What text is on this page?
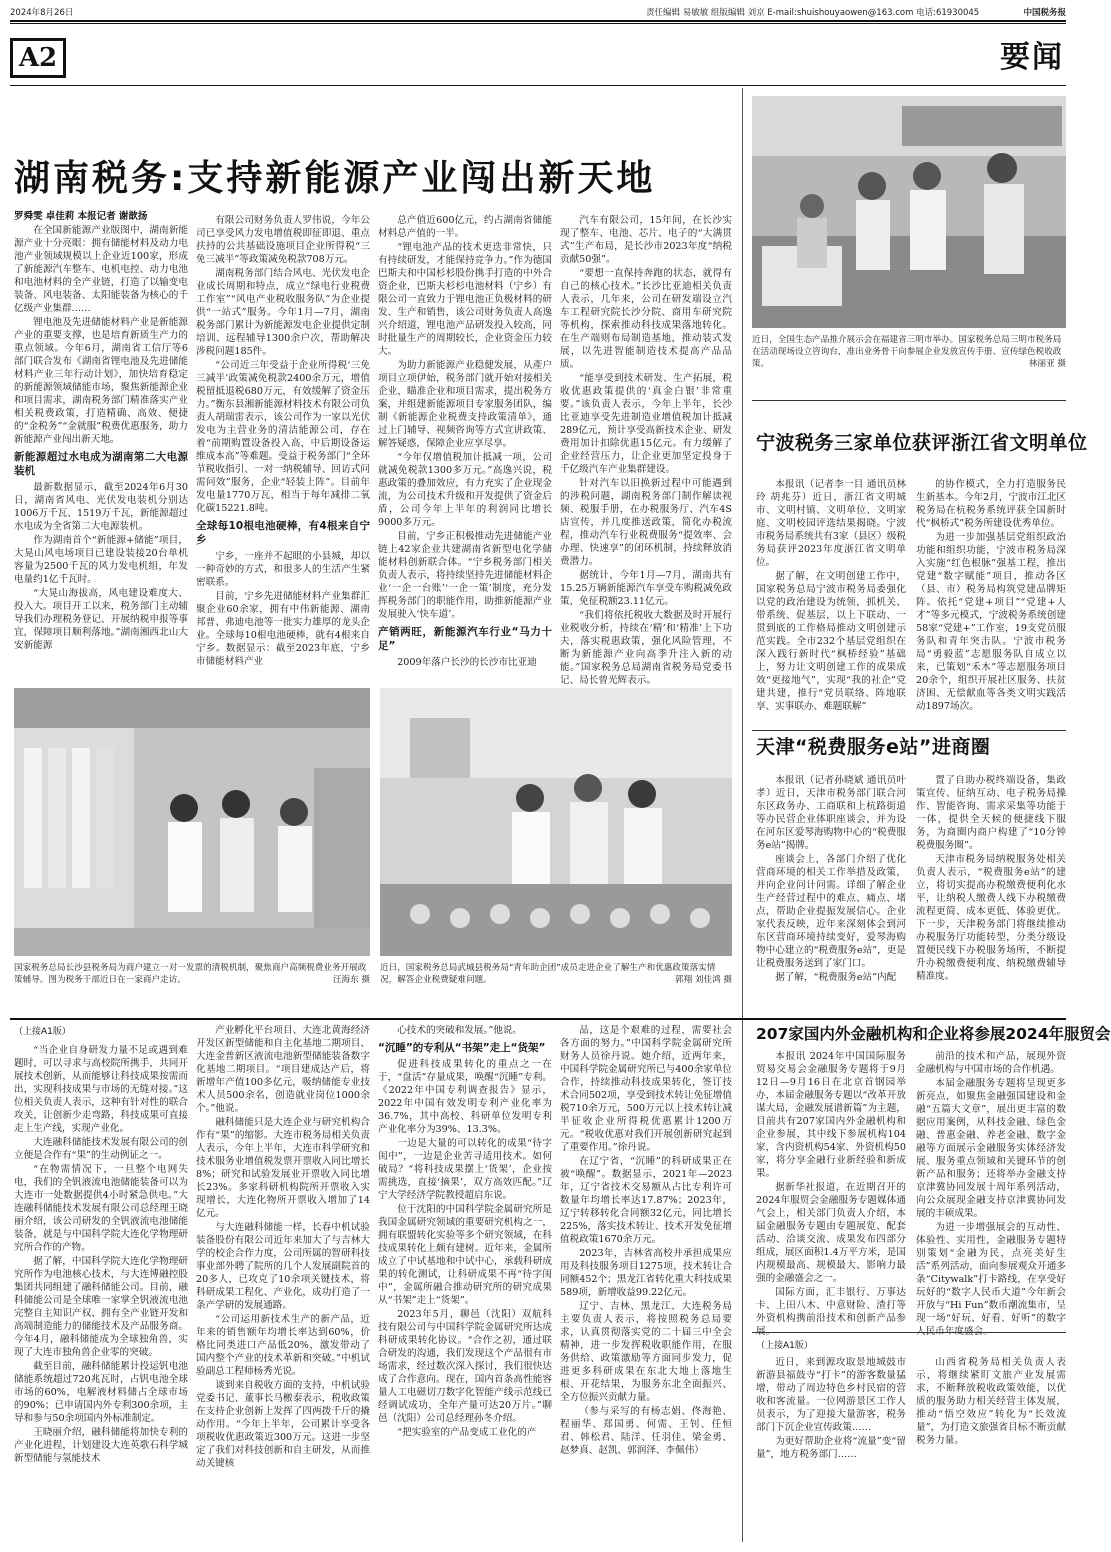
2024年8月26日	责任编辑 易敏敏 组版编辑 刘京 E-mail:shuishouyaowen@163.com 电话:61930045	中国税务报
A2	要闻
湖南税务:支持新能源产业闯出新天地
罗舜雯 卓佳莉 本报记者 谢歆扬

在全国新能源产业版图中，湖南新能源产业十分亮眼：拥有储能材料及动力电池产业领域规模以上企业近100家，形成了新能源汽车整车、电机电控、动力电池和电池材料的全产业链，打造了以输变电装备、风电装备、太阳能装备为核心的千亿级产业集群……

锂电池及先进储能材料产业是新能源产业的重要支撑，也是培育新质生产力的重点领域。今年6月，湖南省工信厅等6部门联合发布《湖南省锂电池及先进储能材料产业三年行动计划》，加快培育稳定的新能源领域储能市场，聚焦新能源企业和项目需求，湖南税务部门精准落实产业相关税费政策，打造精确、高效、便捷的“金税务”“金就服”税费优惠服务，助力新能源产业闯出新天地。

新能源超过水电成为湖南第二大电源装机

最新数据显示，截至2024年6月30日，湖南省风电、光伏发电装机分别达1006万千瓦、1519万千瓦，新能源超过水电成为全省第二大电源装机。

作为湖南首个“新能源+储能”项目，大晃山风电场项目已建设装接20台单机容量为2500千瓦的风力发电机组，年发电量约1亿千瓦时。

“大晃山海拔高，风电建设难度大、投入大。项目开工以来，税务部门主动辅导我们办理税务登记、开展纳税申报等事宜，保障项目顺利落地。”湖南湘西北山大安新能源

有限公司财务负责人罗伟说，今年公司已享受风力发电增值税即征即退、重点扶持的公共基础设施项目企业所得税“三免三减半”等政策减免税款708万元。

湖南税务部门结合风电、光伏发电企业成长周期和特点，成立“绿电行业税费工作室”“风电产业税收服务队”为企业提供“一站式”服务。今年1月—7月，湖南税务部门累计为新能源发电企业提供定制培训、远程辅导1300余户次，帮助解决涉税问题185件。

“公司近三年受益于企业所得税‘三免三减半’政策减免税款2400余万元，增值税留抵退税680万元，有效缓解了资金压力。”衡东县湘新能源材料技术有限公司负责人胡瑞雷表示，该公司作为一家以光伏发电为主营业务的清洁能源公司，存在着“前期购置设备投入高，中后期设备运维成本高”等难题。受益于税务部门“全环节税收指引、一对一纳税辅导、回访式问需问效”服务，企业“轻装上阵”。目前年发电量1770万瓦，相当于每年减排二氧化碳15221.8吨。

全球每10根电池硬棒，有4根来自宁乡

宁乡，一座并不起眼的小县城，却以一种奇妙的方式，和很多人的生活产生紧密联系。

目前，宁乡先进储能材料产业集群汇聚企业60余家，拥有中伟新能源、湖南邦普、弗迪电池等一批实力雄厚的龙头企业。全球每10根电池硬棒，就有4根来自宁乡。数据显示：截至2023年底，宁乡市储能材料产业

总产值近600亿元，约占湖南省储能材料总产值的一半。

“锂电池产品的技术更迭非常快，只有持续研发，才能保持竞争力。”作为德国巴斯夫和中国杉杉股份携手打造的中外合资企业，巴斯夫杉杉电池材料（宁乡）有限公司一直致力于锂电池正负极材料的研发、生产和销售，该公司财务负责人高逸兴介绍道，锂电池产品研发投入较高，同时批量生产的周期较长，企业资金压力较大。

为助力新能源产业稳健发展，从產户项目立项伊始，税务部门就开始对接相关企业，瞄准企业和项目需求，提出税务方案，并组建新能源项目专家服务团队，编制《新能源企业税费支持政策清单》，通过上门辅导、视频咨询等方式宣讲政策、解答疑惑，保障企业应享尽享。

“今年仅增值税加计抵减一项，公司就减免税款1300多万元。”高逸兴说，税惠政策的叠加效应，有力充实了企业现金流，为公司技术升级和开发提供了资金后盾，公司今年上半年的利润同比增长9000多万元。

目前，宁乡正积极推动先进储能产业链上42家企业共建湖南省新型电化学储能材料创新联合体。“宁乡税务部门相关负责人表示，将持续坚持先进储能材料企业‘一企一台账’‘一企一策’制度，充分发挥税务部门的职能作用，助推新能源产业发展驶入‘快车道’。

产销两旺，新能源汽车行业“马力十足”

2009年落户长沙的长沙市比亚迪

汽车有限公司，15年间，在长沙实现了整车、电池、芯片、电子的“大满贯式”生产布局，是长沙市2023年度“纳税贡献50强”。

“要想一直保持奔跑的状态，就得有自己的核心技术。”长沙比亚迪相关负责人表示，几年来，公司在研发端设立汽车工程研究院长沙分院、商用车研究院等机构，探索推动科技成果落地转化。在生产端则布局制造基地，推动装式发展，以先进智能制造技术提高产品品质。

“能享受到技术研发、生产拓展，税收优惠政策提供的‘真金白银’非常重要。”该负责人表示，今年上半年，长沙比亚迪享受先进制造业增值税加计抵减289亿元，预计享受高新技术企业、研发费用加计扣除优惠15亿元。有力缓解了企业经营压力，让企业更加坚定投身于千亿级汽车产业集群建设。

针对汽车以旧换新过程中可能遇到的涉税问题，湖南税务部门制作解读视频、税服手册，在办税服务厅、汽车4S店宣传，并几度推送政策，简化办税流程，推动汽车行业税费服务“提效率、会办理、快速享”的闭环机制，持续释放消费潜力。

据统计，今年1月—7月，湖南共有15.25万辆新能源汽车享受车购税减免政策，免征税额23.11亿元。

“我们将依托税收大数据及时开展行业税收分析，持续在‘精’和‘精准’上下功夫，落实税惠政策，强化风险管理，不断为新能源产业向高季升注入新的动能。”国家税务总局湖南省税务局党委书记、局长曾光辉表示。

近日，全国生态产品推介展示会在福建省三明市举办。国家税务总局三明市税务局在活动现场设立咨询台，准出业务骨干向参展企业发放宣传手册、宣传绿色税收政策。	林丽亚 摄
宁波税务三家单位获评浙江省文明单位

本报讯（记者李一目 通讯员林玲 胡兆芬）近日，浙江省文明城市、文明村镇、文明单位、文明家庭、文明校园评选结果揭晓。宁波市税务局系统共有3家（县区）级税务局获评2023年度浙江省文明单位。

据了解，在文明创建工作中，国家税务总局宁波市税务局委强化以党的政治建设为统领，抓机关、带系统、促基层，以上下联动、一贯到底的工作格局推动文明创建示范实践。全市232个基层党组织在深入践行新时代“枫桥经验”基础上，努力让文明创建工作的成果成效“更接地气”，实现“我的社企”党建共建，推行“党员联络、阵地联享、实事联办、难题联解”

的协作模式，全力打造服务民生新基本。今年2月，宁波市江北区税务局在杭税务系统评获全国新时代“枫桥式”税务所建设优秀单位。

为进一步加强基层党组织政治功能和组织功能，宁波市税务局深入实施“红色根脉”强基工程，推出党建“数字赋能”项目，推动各区（县、市）税务局构筑党建品牌矩阵。依托“党建+项目”“党建+人才”等多元模式，宁波税务系统创建58家“党建+”工作室，19支党员服务队和青年突击队。宁波市税务局“勇毅蓝”志愿服务队自成立以来，已策划“禾木”等志愿服务项目20余个，组织开展社区服务、扶贫济困、无偿献血等各类文明实践活动1897场次。

天津“税费服务e站”进商圈

本报讯（记者孙晓斌 通讯员叶孝）近日，天津市税务部门联合河东区政务办、工商联和上杭路街道等办民营企业体职座谈会，并为设在河东区爱琴海购物中心的“税费服务e站”揭牌。

座谈会上，各部门介绍了优化营商环境的相关工作举措及政策，并向企业问计问需。详细了解企业生产经营过程中的难点、痛点、堵点，帮助企业提振发展信心。企业家代表反映，近年来深刻体会到河东区营商环境持续变好，爱琴海购物中心建立的“税费服务e站”，更是让税费服务送到了家门口。

据了解，“税费服务e站”内配

置了自助办税终端设备，集政策宣传、征纳互动、电子税务局操作、智能咨询、需求采集等功能于一体，提供全天候的便捷线下服务，为商圈内商户构建了“10分钟税费服务圈”。

天津市税务局纳税服务处相关负责人表示，“税费服务e站”的建立，将切实提高办税缴费便利化水平，让纳税人缴费人线下办税缴费流程更简、成本更低、体验更优。下一步，天津税务部门将继续推动办税服务厅功能转型，分类分级设置便民线下办税服务场所，不断提升办税缴费便利度、纳税缴费辅导精准度。

国家税务总局长沙县税务局为商户建立一对一发票的清税机制，聚焦商户高频税费业务开展政策辅导。图为税务干部近日在一家商户走访。	汪海东 摄
近日，国家税务总局武城县税务局“青年助企团”成员走进企业了解生产和优惠政策落实情况，解答企业税费疑难问题。	郭翔 刘佳鸿 摄
（上接A1版）

“当企业自身研发力量不足或遇到难题时，可以寻求与高校院所携手，共同开展技术创新，从而能够让科技成果按需而出，实现科技成果与市场的无缝对接。”这位相关负责人表示，这种有针对性的联合攻关，让创新少走弯路，科技成果可直接走上生产线，实现产业化。

大连融科储能技术发展有限公司的创立便是合作有“果”的生动例证之一。

“在物需情况下，一旦整个电网失电，我们的全钒液流电池储能装备可以为大连市一处数据提供4小时紧急供电。”大连融科储能技术发展有限公司总经理王晓丽介绍，该公司研发的全钒液流电池储能装备，就是与中国科学院大连化学物理研究所合作的产物。

据了解，中国科学院大连化学物理研究所作为电池核心技术，与大连博融控股集团共同组建了融科储能公司。目前，融科储能公司是全球唯一家掌全钒液流电池完整自主知识产权、拥有全产业链开发和高端制造能力的储能技术及产品服务商。今年4月，融科储能成为全球独角兽，实现了大连市独角兽企业零的突破。

截至目前，融科储能累计投运钒电池储能系统超过720兆瓦时，占钒电池全球市场的60%，电解液材料储占全球市场的90%；已申请国内外专利300余项，主导和参与50余项国内外标准制定。

王晓丽介绍，融科储能将加快专利的产业化进程，计划建设大连英歌石科学城新型储能与氢能技术

产业孵化平台项目、大连北黄海经济开发区新型储能和自主化基地二期项目、大连金普新区液流电池新型储能装备数字化基地二期项目。“项目建成达产后，将新增年产值100多亿元，吸纳储能专业技术人员500余名，创造就业岗位1000余个。”他说。

融科储能只是大连企业与研究机构合作有“果”的缩影。大连市税务局相关负责人表示，今年上半年，大连市科学研究和技术服务业增值税发票开票收入同比增长8%；研究和试验发展业开票收入同比增长23%。多家科研机构院所开票收入实现增长，大连化物所开票收入增加了14亿元。

与大连融科储能一样，长春中机试验装备股份有限公司近年来加大了与吉林大学的校企合作力度，公司所属的智研科技事业部外聘了院所的几个人发展副院首的20多人，已攻克了10余项关键技术，将科研成果工程化、产业化，成功打造了一条产学研的发展通路。

“公司运用新技术生产的新产品，近年来的销售额年均增长率达到60%，价格比同类进口产品低20%，激发带动了国内整个产业的技术革新和突破。”中机试验副总工程师杨秀光说。

谈到来自税收方面的支持，中机试验党委书记、董事长马檄泰表示，税收政策在支持企业创新上发挥了四两拨千斤的撬动作用。“今年上半年，公司累计享受各项税收优惠政策近300万元。这进一步坚定了我们对科技创新和自主研发，从而推动关键核

心技术的突破和发展。”他说。

“沉睡”的专利从“书架”走上“货架”

促进科技成果转化的重点之一在于，“盘活”存量成果，唤醒“沉睡”专利。《2022年中国专利调查报告》显示，2022年中国有效发明专利产业化率为36.7%，其中高校、科研单位发明专利产业化率分为39%、13.3%。

一边是大量的可以转化的成果“待字闺中”，一边是企业苦寻适用技术。如何破局？“将科技成果摆上‘货架’，企业按需挑选，直接‘摘果’，双方高效匹配。”辽宁大学经济学院教授超启东说。

位于沈阳的中国科学院金属研究所是我国金属研究领域的重要研究机构之一，拥有联盟转化实验等多个研究领域，在科技成果转化上颇有建树。近年来，金属所成立了中试基地和中试中心，承载科研成果的转化测试，让科研成果不再“待字闺中”，金属所融合推动研究所的研究成果从“书架”走上“货架”。

2023年5月，聊邑（沈阳）双航科技有限公司与中国科学院金属研究所达成科研成果转化协议。“合作之初，通过联合研发的沟通，我们发现这个产品很有市场需求，经过数次深入探讨，我们很快达成了合作意向。现在，国内首条高性能容量人工电磁切刀数字化智能产线示范线已经调试成功，全年产量可达20万片。”聊邑（沈阳）公司总经理孙冬介绍。

“把实验室的产品变成工业化的产

品，这是个艰难的过程，需要社会各方面的努力。”中国科学院金属研究所财务人员徐丹说。她介绍，近两年来，中国科学院金属研究所已与400余家单位合作，持续推动科技成果转化，签订技术合同502项，享受到技术转让免征增值税710余万元，500万元以上技术转让减半征收企业所得税优惠累计1200万元。“税收优惠对我们开展创新研究起到了重要作用。”徐丹说。

在辽宁省，“沉睡”的科研成果正在被“唤醒”。数据显示，2021年—2023年，辽宁省技术交易额从占比专利许可数量年均增长率达17.87%；2023年，辽宁转移转化合同额32亿元，同比增长225%，落实技术转让、技术开发免征增值税政策1670余万元。

2023年，吉林省高校并承担成果应用及科技服务项目1275项，技术转让合同额452个；黑龙江省转化重大科技成果589项，新增收益99.22亿元。

辽宁、吉林、黑龙江、大连税务局主要负责人表示，将按照税务总局要求，认真贯彻落实党的二十届三中全会精神，进一步发挥税收职能作用，在服务供给、政策激励等方面同步发力，促进更多科研成果在东北大地上落地生根、开花结果，为服务东北全面振兴、全方位振兴贡献力量。

（参与采写的有杨志娟、佟海艳、程丽华、郑国勇、何需、王钊、任恒君、韩松君、陆洋、任羽佳、梁金勇、赵梦真、赵凯、郭润泽、李佩伟）

207家国内外金融机构和企业将参展2024年服贸会

本报讯 2024年中国国际服务贸易交易会金融服务专题将于9月12日—9月16日在北京首钢园举办，本届金融服务专题以“改革开放谋大局，金融发展谱新篇”为主题，目前共有207家国内外金融机构和企业参展，其中线下参展机构104家，含内资机构54家、外资机构50家，将分享金融行业新经验和新成果。

据新华社报道，在近期召开的2024年服贸会金融服务专题媒体通气会上，相关部门负责人介绍，本届金融服务专题由专题展览、配套活动、洽谈交流、成果发布四部分组成，展区面积1.4万平方米，是国内规模最高、规模最大、影响力最强的金融盛会之一。

国际方面，汇丰银行、万事达卡、上田八木、中意财险、渣打等外资机构携前沿技术和创新产品参

前沿的技术和产品，展现外资金融机构与中国市场的合作机遇。

本届金融服务专题将呈现更多新亮点，如聚焦金融强国建设和金融“五篇大文章”，展出更丰富的数据应用案例，从科技金融、绿色金融、普惠金融、养老金融、数字金融等方面展示金融服务实体经济发展、服务重点领域和关键环节的创新产品和服务；还将举办金融支持京津冀协同发展十周年系列活动，向公众展现金融支持京津冀协同发展的丰硕成果。

为进一步增强展会的互动性、体验性、实用性，金融服务专题特别策划“金融为民，点亮美好生活”系列活动，面向参展观众开通多条“Citywalk”打卡路线，在享受好玩好的“数字人民币大道”今年新会开放与“Hi Fun”数币潮流集市，呈现一场“好玩、好看、好听”的数字

（上接A1版）

近日，来到源攻取景地城鼓市新游县福鼓寺“打卡”的游客数量猛增，带动了周边特色乡村民宿的营收和客流量。一位网游景区工作人员表示，为了迎接大量游客，税务部门下沉企业宣传政策……

为更好帮助企业将“流量”变“留量”，地方税务部门……

山西省税务局相关负责人表示，将继续紧盯文旅产业发展需求，不断释放税收政策效能，以优质的服务助力相关经营主体发展，推动“悟空效应”转化为“长效流量”，为打造文旅强省目标不断贡献税务力量。
